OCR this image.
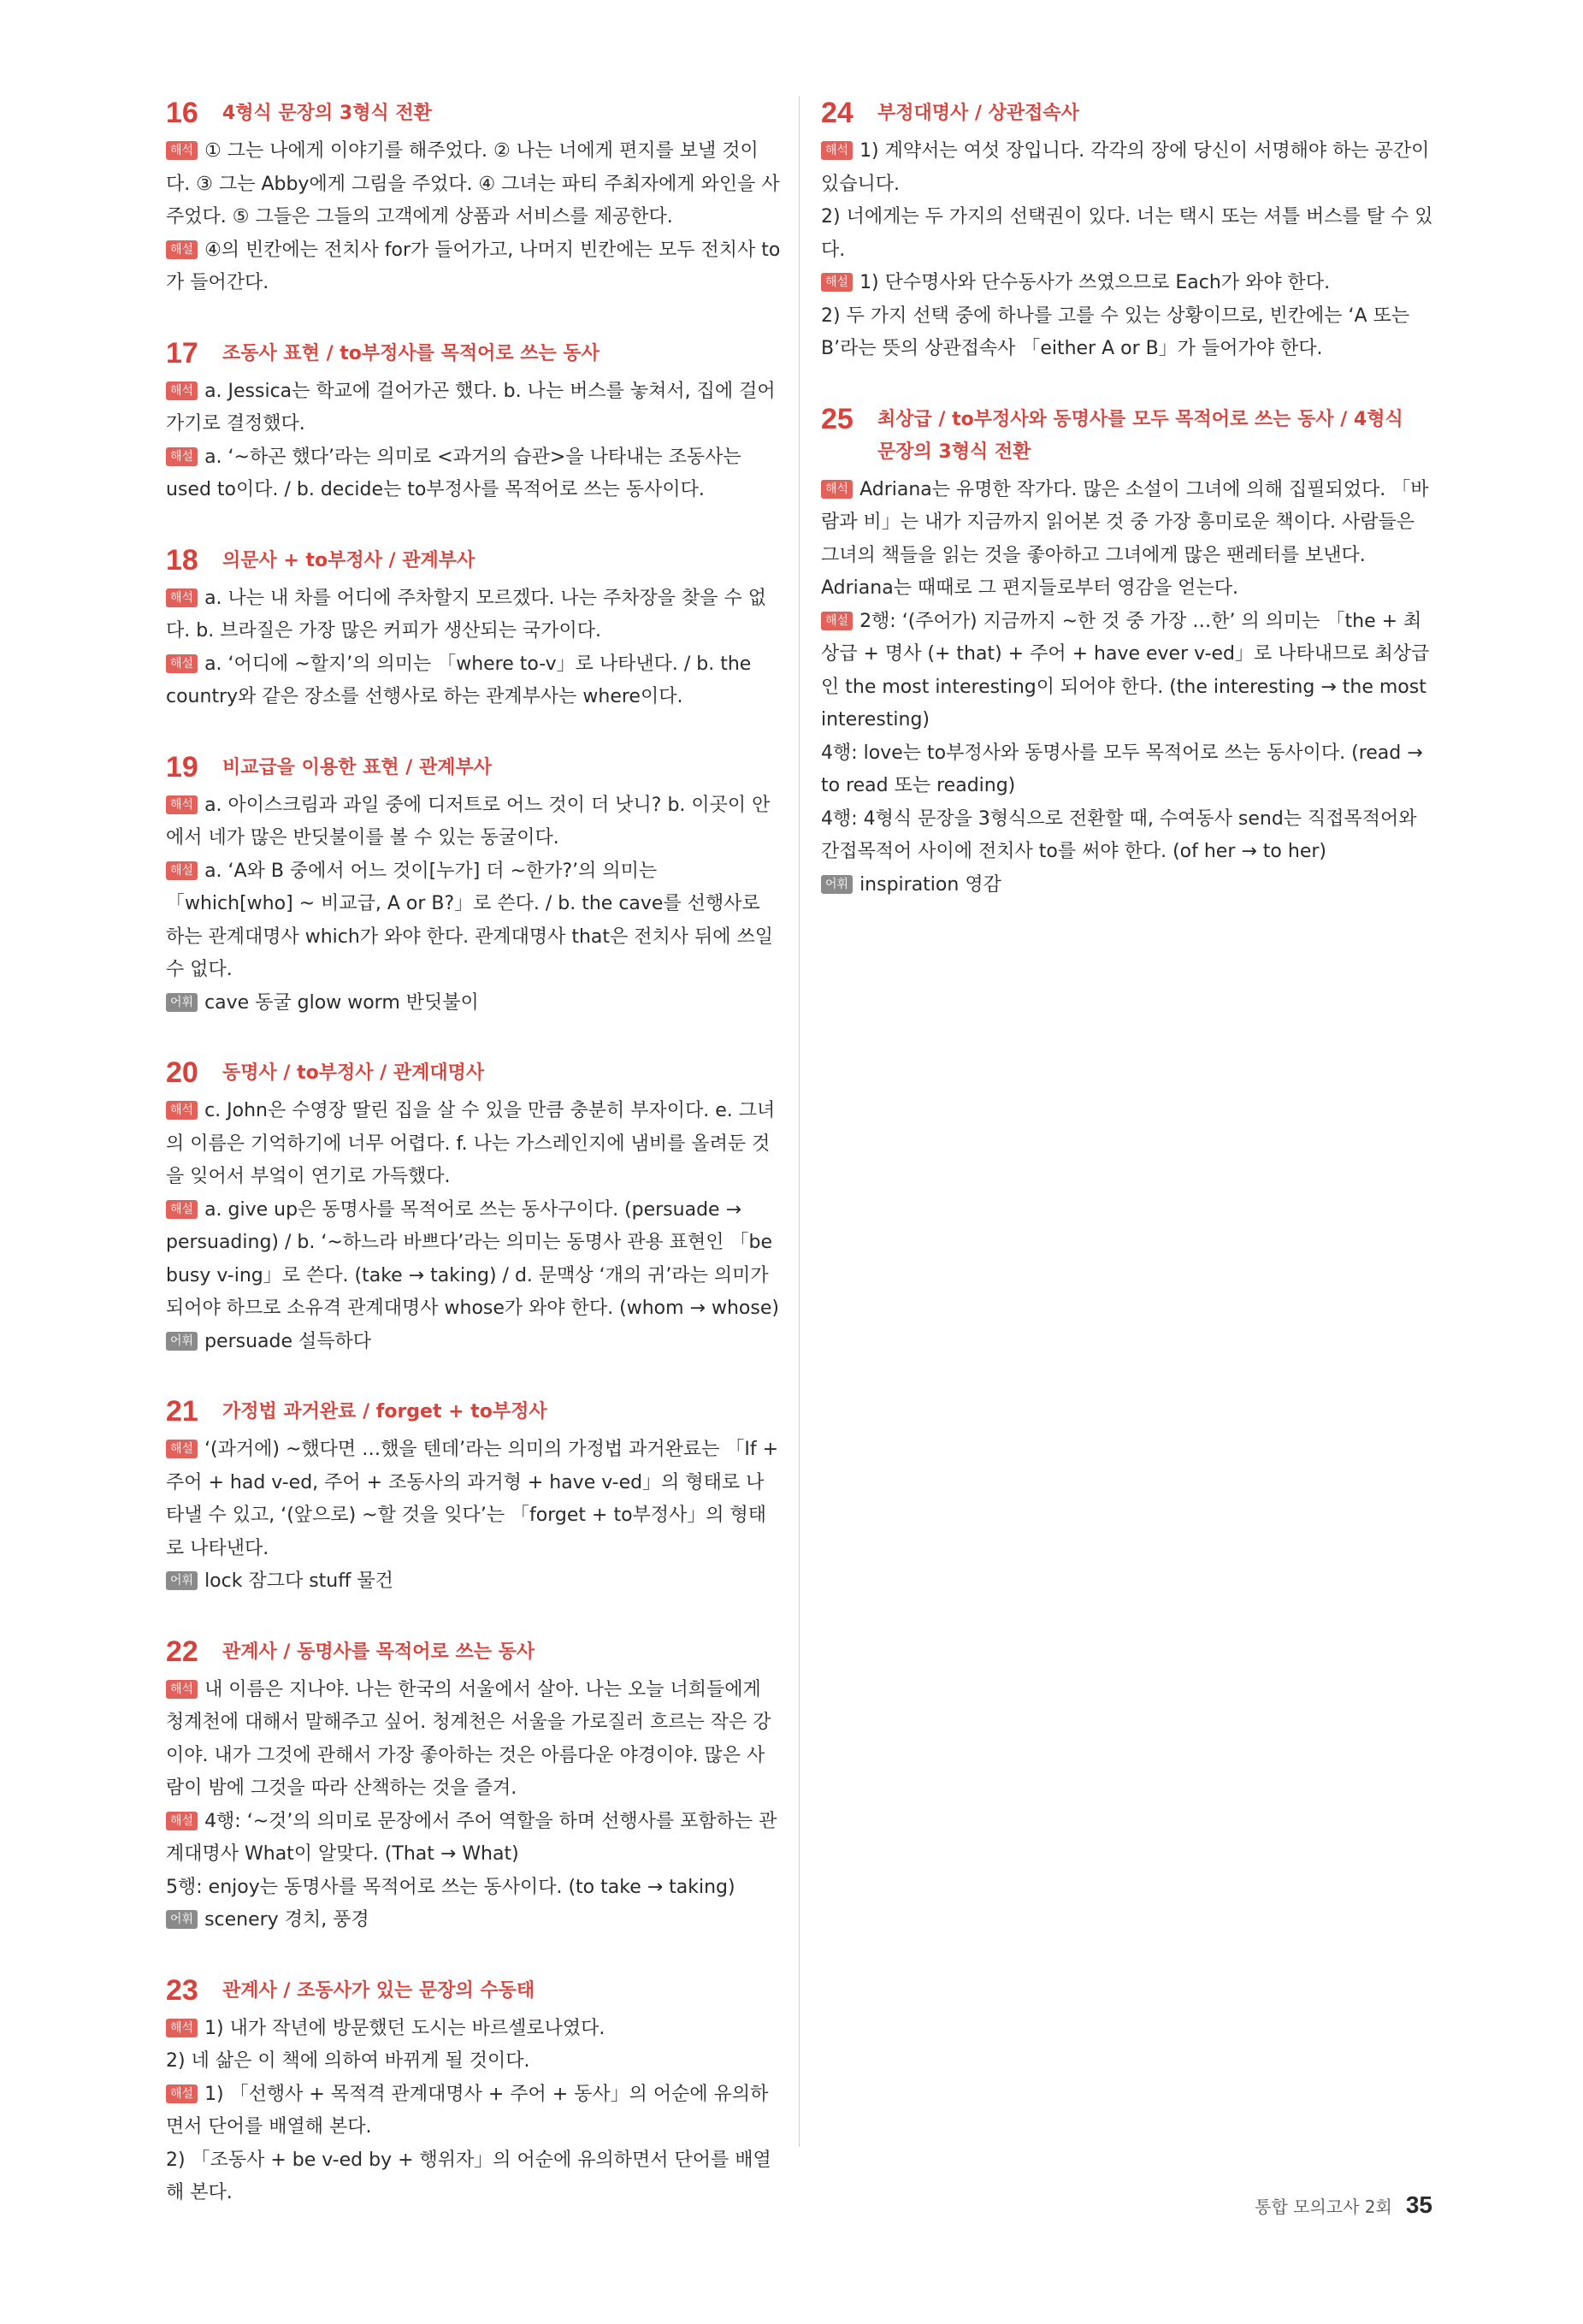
16	4형식 문장의 3형식 전환

해석 ① 그는 나에게 이야기를 해주었다. ② 나는 너에게 편지를 보낼 것이다. ③ 그는 Abby에게 그림을 주었다. ④ 그녀는 파티 주최자에게 와인을 사주었다. ⑤ 그들은 그들의 고객에게 상품과 서비스를 제공한다.

해설 ④의 빈칸에는 전치사 for가 들어가고, 나머지 빈칸에는 모두 전치사 to가 들어간다.

17	조동사 표현 / to부정사를 목적어로 쓰는 동사

해석 a. Jessica는 학교에 걸어가곤 했다. b. 나는 버스를 놓쳐서, 집에 걸어가기로 결정했다.

해설 a. ‘~하곤 했다’라는 의미로 <과거의 습관>을 나타내는 조동사는 used to이다. / b. decide는 to부정사를 목적어로 쓰는 동사이다.

18	의문사 + to부정사 / 관계부사

해석 a. 나는 내 차를 어디에 주차할지 모르겠다. 나는 주차장을 찾을 수 없다. b. 브라질은 가장 많은 커피가 생산되는 국가이다.

해설 a. ‘어디에 ~할지’의 의미는 「where to-v」로 나타낸다. / b. the country와 같은 장소를 선행사로 하는 관계부사는 where이다.

19	비교급을 이용한 표현 / 관계부사

해석 a. 아이스크림과 과일 중에 디저트로 어느 것이 더 낫니? b. 이곳이 안에서 네가 많은 반딧불이를 볼 수 있는 동굴이다.

해설 a. ‘A와 B 중에서 어느 것이[누가] 더 ~한가?’의 의미는 「which[who] ~ 비교급, A or B?」로 쓴다. / b. the cave를 선행사로 하는 관계대명사 which가 와야 한다. 관계대명사 that은 전치사 뒤에 쓰일 수 없다.

어휘 cave 동굴 glow worm 반딧불이

20	동명사 / to부정사 / 관계대명사

해석 c. John은 수영장 딸린 집을 살 수 있을 만큼 충분히 부자이다. e. 그녀의 이름은 기억하기에 너무 어렵다. f. 나는 가스레인지에 냄비를 올려둔 것을 잊어서 부엌이 연기로 가득했다.

해설 a. give up은 동명사를 목적어로 쓰는 동사구이다. (persuade → persuading) / b. ‘~하느라 바쁘다’라는 의미는 동명사 관용 표현인 「be busy v-ing」로 쓴다. (take → taking) / d. 문맥상 ‘개의 귀’라는 의미가 되어야 하므로 소유격 관계대명사 whose가 와야 한다. (whom → whose)

어휘 persuade 설득하다

21	가정법 과거완료 / forget + to부정사

해설 ‘(과거에) ~했다면 …했을 텐데’라는 의미의 가정법 과거완료는 「If + 주어 + had v-ed, 주어 + 조동사의 과거형 + have v-ed」의 형태로 나타낼 수 있고, ‘(앞으로) ~할 것을 잊다’는 「forget + to부정사」의 형태로 나타낸다.

어휘 lock 잠그다 stuff 물건

22	관계사 / 동명사를 목적어로 쓰는 동사

해석 내 이름은 지나야. 나는 한국의 서울에서 살아. 나는 오늘 너희들에게 청계천에 대해서 말해주고 싶어. 청계천은 서울을 가로질러 흐르는 작은 강이야. 내가 그것에 관해서 가장 좋아하는 것은 아름다운 야경이야. 많은 사람이 밤에 그것을 따라 산책하는 것을 즐겨.

해설 4행: ‘~것’의 의미로 문장에서 주어 역할을 하며 선행사를 포함하는 관계대명사 What이 알맞다. (That → What)

5행: enjoy는 동명사를 목적어로 쓰는 동사이다. (to take → taking)

어휘 scenery 경치, 풍경

23	관계사 / 조동사가 있는 문장의 수동태

해석 1) 내가 작년에 방문했던 도시는 바르셀로나였다.

2) 네 삶은 이 책에 의하여 바뀌게 될 것이다.

해설 1) 「선행사 + 목적격 관계대명사 + 주어 + 동사」의 어순에 유의하면서 단어를 배열해 본다.

2) 「조동사 + be v-ed by + 행위자」의 어순에 유의하면서 단어를 배열해 본다.

24	부정대명사 / 상관접속사

해석 1) 계약서는 여섯 장입니다. 각각의 장에 당신이 서명해야 하는 공간이 있습니다.

2) 너에게는 두 가지의 선택권이 있다. 너는 택시 또는 셔틀 버스를 탈 수 있다.

해설 1) 단수명사와 단수동사가 쓰였으므로 Each가 와야 한다.

2) 두 가지 선택 중에 하나를 고를 수 있는 상황이므로, 빈칸에는 ‘A 또는 B’라는 뜻의 상관접속사 「either A or B」가 들어가야 한다.

25	최상급 / to부정사와 동명사를 모두 목적어로 쓰는 동사 / 4형식
문장의 3형식 전환

해석 Adriana는 유명한 작가다. 많은 소설이 그녀에 의해 집필되었다. 「바람과 비」는 내가 지금까지 읽어본 것 중 가장 흥미로운 책이다. 사람들은 그녀의 책들을 읽는 것을 좋아하고 그녀에게 많은 팬레터를 보낸다. Adriana는 때때로 그 편지들로부터 영감을 얻는다.

해설 2행: ‘(주어가) 지금까지 ~한 것 중 가장 …한’ 의 의미는 「the + 최상급 + 명사 (+ that) + 주어 + have ever v-ed」로 나타내므로 최상급인 the most interesting이 되어야 한다. (the interesting → the most interesting)

4행: love는 to부정사와 동명사를 모두 목적어로 쓰는 동사이다. (read → to read 또는 reading)

4행: 4형식 문장을 3형식으로 전환할 때, 수여동사 send는 직접목적어와 간접목적어 사이에 전치사 to를 써야 한다. (of her → to her)

어휘 inspiration 영감

통합 모의고사 2회 35
